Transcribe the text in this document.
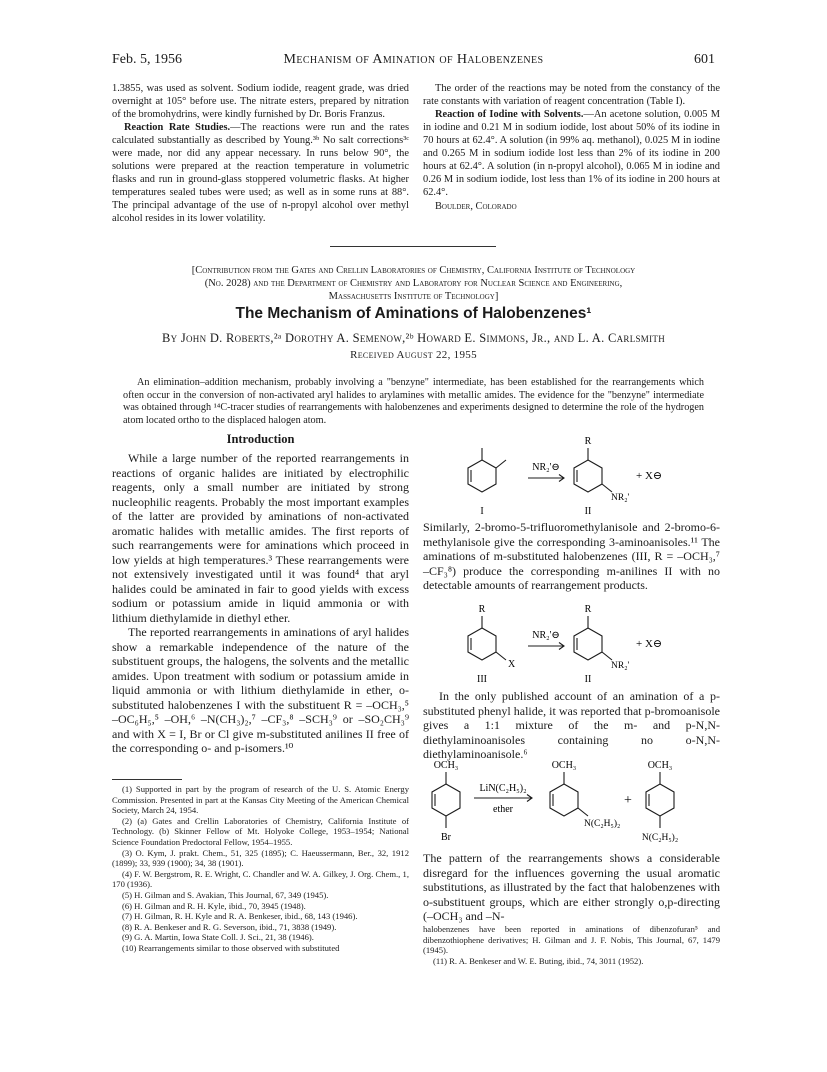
Feb. 5, 1956	Mechanism of Amination of Halobenzenes	601

1.3855, was used as solvent. Sodium iodide, reagent grade, was dried overnight at 105° before use. The nitrate esters, prepared by nitration of the bromohydrins, were kindly furnished by Dr. Boris Franzus.

Reaction Rate Studies.—The reactions were run and the rates calculated substantially as described by Young.³ᵇ No salt corrections³ᶜ were made, nor did any appear necessary. In runs below 90°, the solutions were prepared at the reaction temperature in volumetric flasks and run in ground-glass stoppered volumetric flasks. At higher temperatures sealed tubes were used; as well as in some runs at 88°. The principal advantage of the use of n-propyl alcohol over methyl alcohol resides in its lower volatility.

The order of the reactions may be noted from the constancy of the rate constants with variation of reagent concentration (Table I).

Reaction of Iodine with Solvents.—An acetone solution, 0.005 M in iodine and 0.21 M in sodium iodide, lost about 50% of its iodine in 70 hours at 62.4°. A solution (in 99% aq. methanol), 0.025 M in iodine and 0.265 M in sodium iodide lost less than 2% of its iodine in 200 hours at 62.4°. A solution (in n-propyl alcohol), 0.065 M in iodine and 0.26 M in sodium iodide, lost less than 1% of its iodine in 200 hours at 62.4°.

Boulder, Colorado

[Contribution from the Gates and Crellin Laboratories of Chemistry, California Institute of Technology
(No. 2028) and the Department of Chemistry and Laboratory for Nuclear Science and Engineering,
Massachusetts Institute of Technology]
The Mechanism of Aminations of Halobenzenes¹
By John D. Roberts,²ᵃ Dorothy A. Semenow,²ᵇ Howard E. Simmons, Jr., and L. A. Carlsmith
Received August 22, 1955
An elimination–addition mechanism, probably involving a "benzyne" intermediate, has been established for the rearrangements which often occur in the conversion of non-activated aryl halides to arylamines with metallic amides. The evidence for the "benzyne" intermediate was obtained through ¹⁴C-tracer studies of rearrangements with halobenzenes and experiments designed to determine the role of the hydrogen atom located ortho to the displaced halogen atom.
Introduction

While a large number of the reported rearrangements in reactions of organic halides are initiated by electrophilic reagents, only a small number are initiated by strong nucleophilic reagents. Probably the most important examples of the latter are provided by aminations of non-activated aromatic halides with metallic amides. The first reports of such rearrangements were for aminations which proceed in low yields at high temperatures.³ These rearrangements were not extensively investigated until it was found⁴ that aryl halides could be aminated in fair to good yields with excess sodium or potassium amide in liquid ammonia or with lithium diethylamide in diethyl ether.

The reported rearrangements in aminations of aryl halides show a remarkable independence of the nature of the substituent groups, the halogens, the solvents and the metallic amides. Upon treatment with sodium or potassium amide in liquid ammonia or with lithium diethylamide in ether, o-substituted halobenzenes I with the substituent R = –OCH₃,⁵ –OC₆H₅,⁵ –OH,⁶ –N(CH₃)₂,⁷ –CF₃,⁸ –SCH₃⁹ or –SO₂CH₃⁹ and with X = I, Br or Cl give m-substituted anilines II free of the corresponding o- and p-isomers.¹⁰

(1) Supported in part by the program of research of the U. S. Atomic Energy Commission. Presented in part at the Kansas City Meeting of the American Chemical Society, March 24, 1954.

(2) (a) Gates and Crellin Laboratories of Chemistry, California Institute of Technology. (b) Skinner Fellow of Mt. Holyoke College, 1953–1954; National Science Foundation Predoctoral Fellow, 1954–1955.

(3) O. Kym, J. prakt. Chem., 51, 325 (1895); C. Haeussermann, Ber., 32, 1912 (1899); 33, 939 (1900); 34, 38 (1901).

(4) F. W. Bergstrom, R. E. Wright, C. Chandler and W. A. Gilkey, J. Org. Chem., 1, 170 (1936).

(5) H. Gilman and S. Avakian, This Journal, 67, 349 (1945).

(6) H. Gilman and R. H. Kyle, ibid., 70, 3945 (1948).

(7) H. Gilman, R. H. Kyle and R. A. Benkeser, ibid., 68, 143 (1946).

(8) R. A. Benkeser and R. G. Severson, ibid., 71, 3838 (1949).

(9) G. A. Martin, Iowa State Coll. J. Sci., 21, 38 (1946).

(10) Rearrangements similar to those observed with substituted

NR₂'⊖
R
NR₂'
+ X⊖
I	II

Similarly, 2-bromo-5-trifluoromethylanisole and 2-bromo-6-methylanisole give the corresponding 3-aminoanisoles.¹¹ The aminations of m-substituted halobenzenes (III, R = –OCH₃,⁷ –CF₃⁸) produce the corresponding m-anilines II with no detectable amounts of rearrangement products.

R
X
NR₂'⊖
R
NR₂'
+ X⊖
III	II

In the only published account of an amination of a p-substituted phenyl halide, it was reported that p-bromoanisole gives a 1:1 mixture of the m- and p-N,N-diethylaminoanisoles containing no o-N,N-diethylaminoanisole.⁶

OCH₃
Br
LiN(C₂H₅)₂
ether
OCH₃
N(C₂H₅)₂
+
OCH₃
N(C₂H₅)₂

The pattern of the rearrangements shows a considerable disregard for the influences governing the usual aromatic substitutions, as illustrated by the fact that halobenzenes with o-substituent groups, which are either strongly o,p-directing (–OCH₃ and –N-

halobenzenes have been reported in aminations of dibenzofuran⁵ and dibenzothiophene derivatives; H. Gilman and J. F. Nobis, This Journal, 67, 1479 (1945).

(11) R. A. Benkeser and W. E. Buting, ibid., 74, 3011 (1952).
